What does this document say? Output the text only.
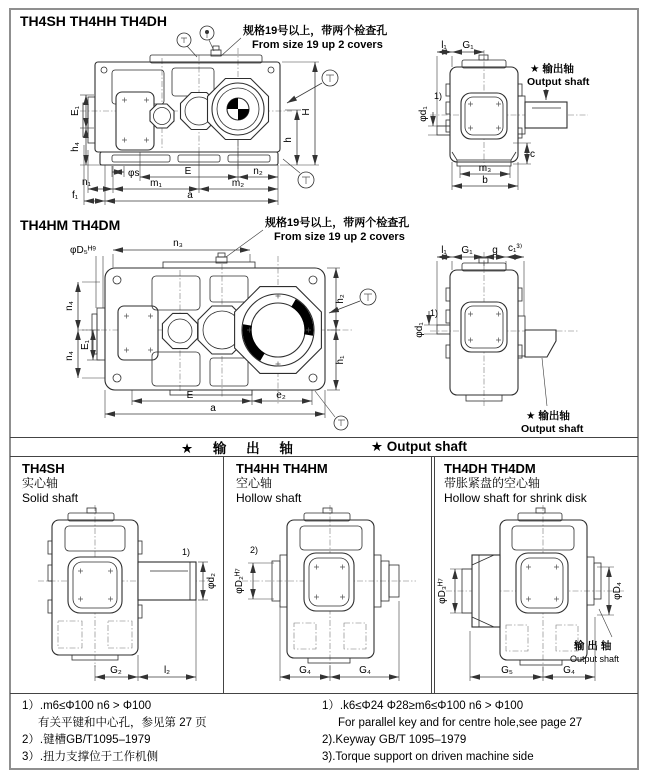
TH4SH TH4HH TH4DH
规格19号以上，带两个检查孔
From size 19 up 2 covers
E₁
h₄
H
h
φs	E	n₂
n₁	m₁	m₂
f₁	a
l₁ G₁
1)
φd₁
★ 输出轴
Output shaft
c
m₃
b
TH4HM TH4DM	规格19号以上，带两个检查孔
From size 19 up 2 covers
n₃
φD₅ᴴ⁹
n₄
n₄
E₁
h₂
h₁
E	e₂
a
l₁ G₁ g c₁³⁾
1)
φd₁
★ 输出轴
Output shaft
★ 输 出 轴	★ Output shaft
TH4SH
实心轴
Solid shaft
1)
φd₂
G₂	l₂
TH4HH TH4HM
空心轴
Hollow shaft
2)
φD₂ᴴ⁷
G₄	G₄
TH4DH TH4DM
带胀紧盘的空心轴
Hollow shaft for shrink disk
φD₃ᴴ⁷	φD₄
输 出 轴
Output shaft
G₅	G₄
1）.m6≤Φ100 n6 > Φ100
有关平键和中心孔，参见第 27 页
2）.键槽GB/T1095–1979
3）.扭力支撑位于工作机侧
1）.k6≤Φ24 Φ28≥m6≤Φ100 n6 > Φ100
For parallel key and for centre hole,see page 27
2).Keyway GB/T 1095–1979
3).Torque support on driven machine side
